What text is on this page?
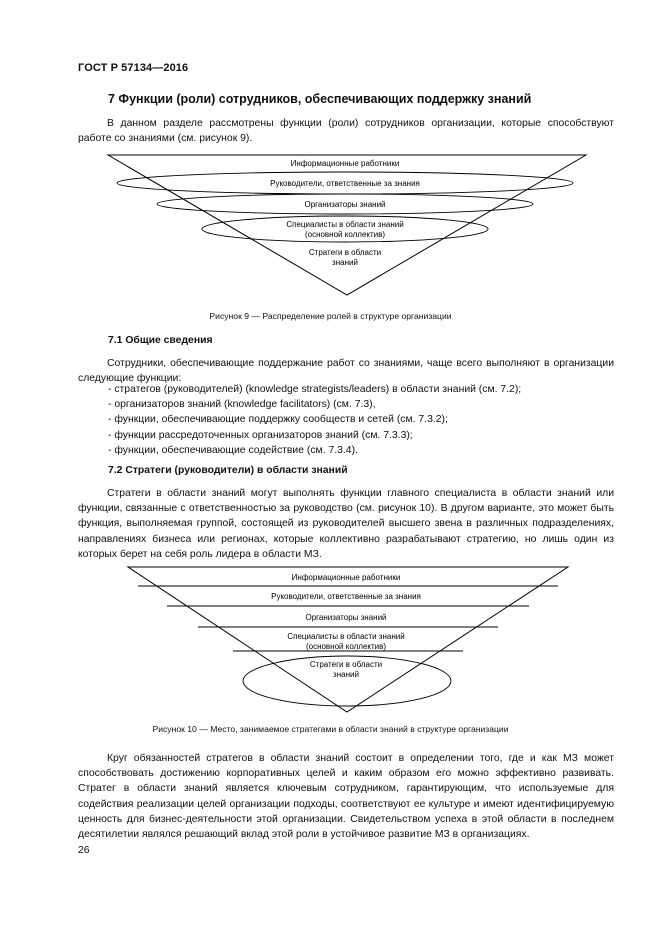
ГОСТ Р 57134—2016
7 Функции (роли) сотрудников, обеспечивающих поддержку знаний
В данном разделе рассмотрены функции (роли) сотрудников организации, которые способствуют работе со знаниями (см. рисунок 9).
Информационные работники
Руководители, ответственные за знания
Организаторы знаний
Специалисты в области знаний
(основной коллектив)
Стратеги в области
знаний
Рисунок 9 — Распределение ролей в структуре организации
7.1 Общие сведения
Сотрудники, обеспечивающие поддержание работ со знаниями, чаще всего выполняют в организации следующие функции:
- стратегов (руководителей) (knowledge strategists/leaders) в области знаний (см. 7.2);
- организаторов знаний (knowledge facilitators) (см. 7.3),
- функции, обеспечивающие поддержку сообществ и сетей (см. 7.3.2);
- функции рассредоточенных организаторов знаний (см. 7.3.3);
- функции, обеспечивающие содействие (см. 7.3.4).
7.2 Стратеги (руководители) в области знаний
Стратеги в области знаний могут выполнять функции главного специалиста в области знаний или функции, связанные с ответственностью за руководство (см. рисунок 10). В другом варианте, это может быть функция, выполняемая группой, состоящей из руководителей высшего звена в различных подразделениях, направлениях бизнеса или регионах, которые коллективно разрабатывают стратегию, но лишь один из которых берет на себя роль лидера в области МЗ.
Информационные работники
Руководители, ответственные за знания
Организаторы знаний
Специалисты в области знаний
(основной коллектив)
Стратеги в области
знаний
Рисунок 10 — Место, занимаемое стратегами в области знаний в структуре организации
Круг обязанностей стратегов в области знаний состоит в определении того, где и как МЗ может способствовать достижению корпоративных целей и каким образом его можно эффективно развивать. Стратег в области знаний является ключевым сотрудником, гарантирующим, что используемые для содействия реализации целей организации подходы, соответствуют ее культуре и имеют идентифицируемую ценность для бизнес-деятельности этой организации. Свидетельством успеха в этой области в последнем десятилетии являлся решающий вклад этой роли в устойчивое развитие МЗ в организациях.
26
